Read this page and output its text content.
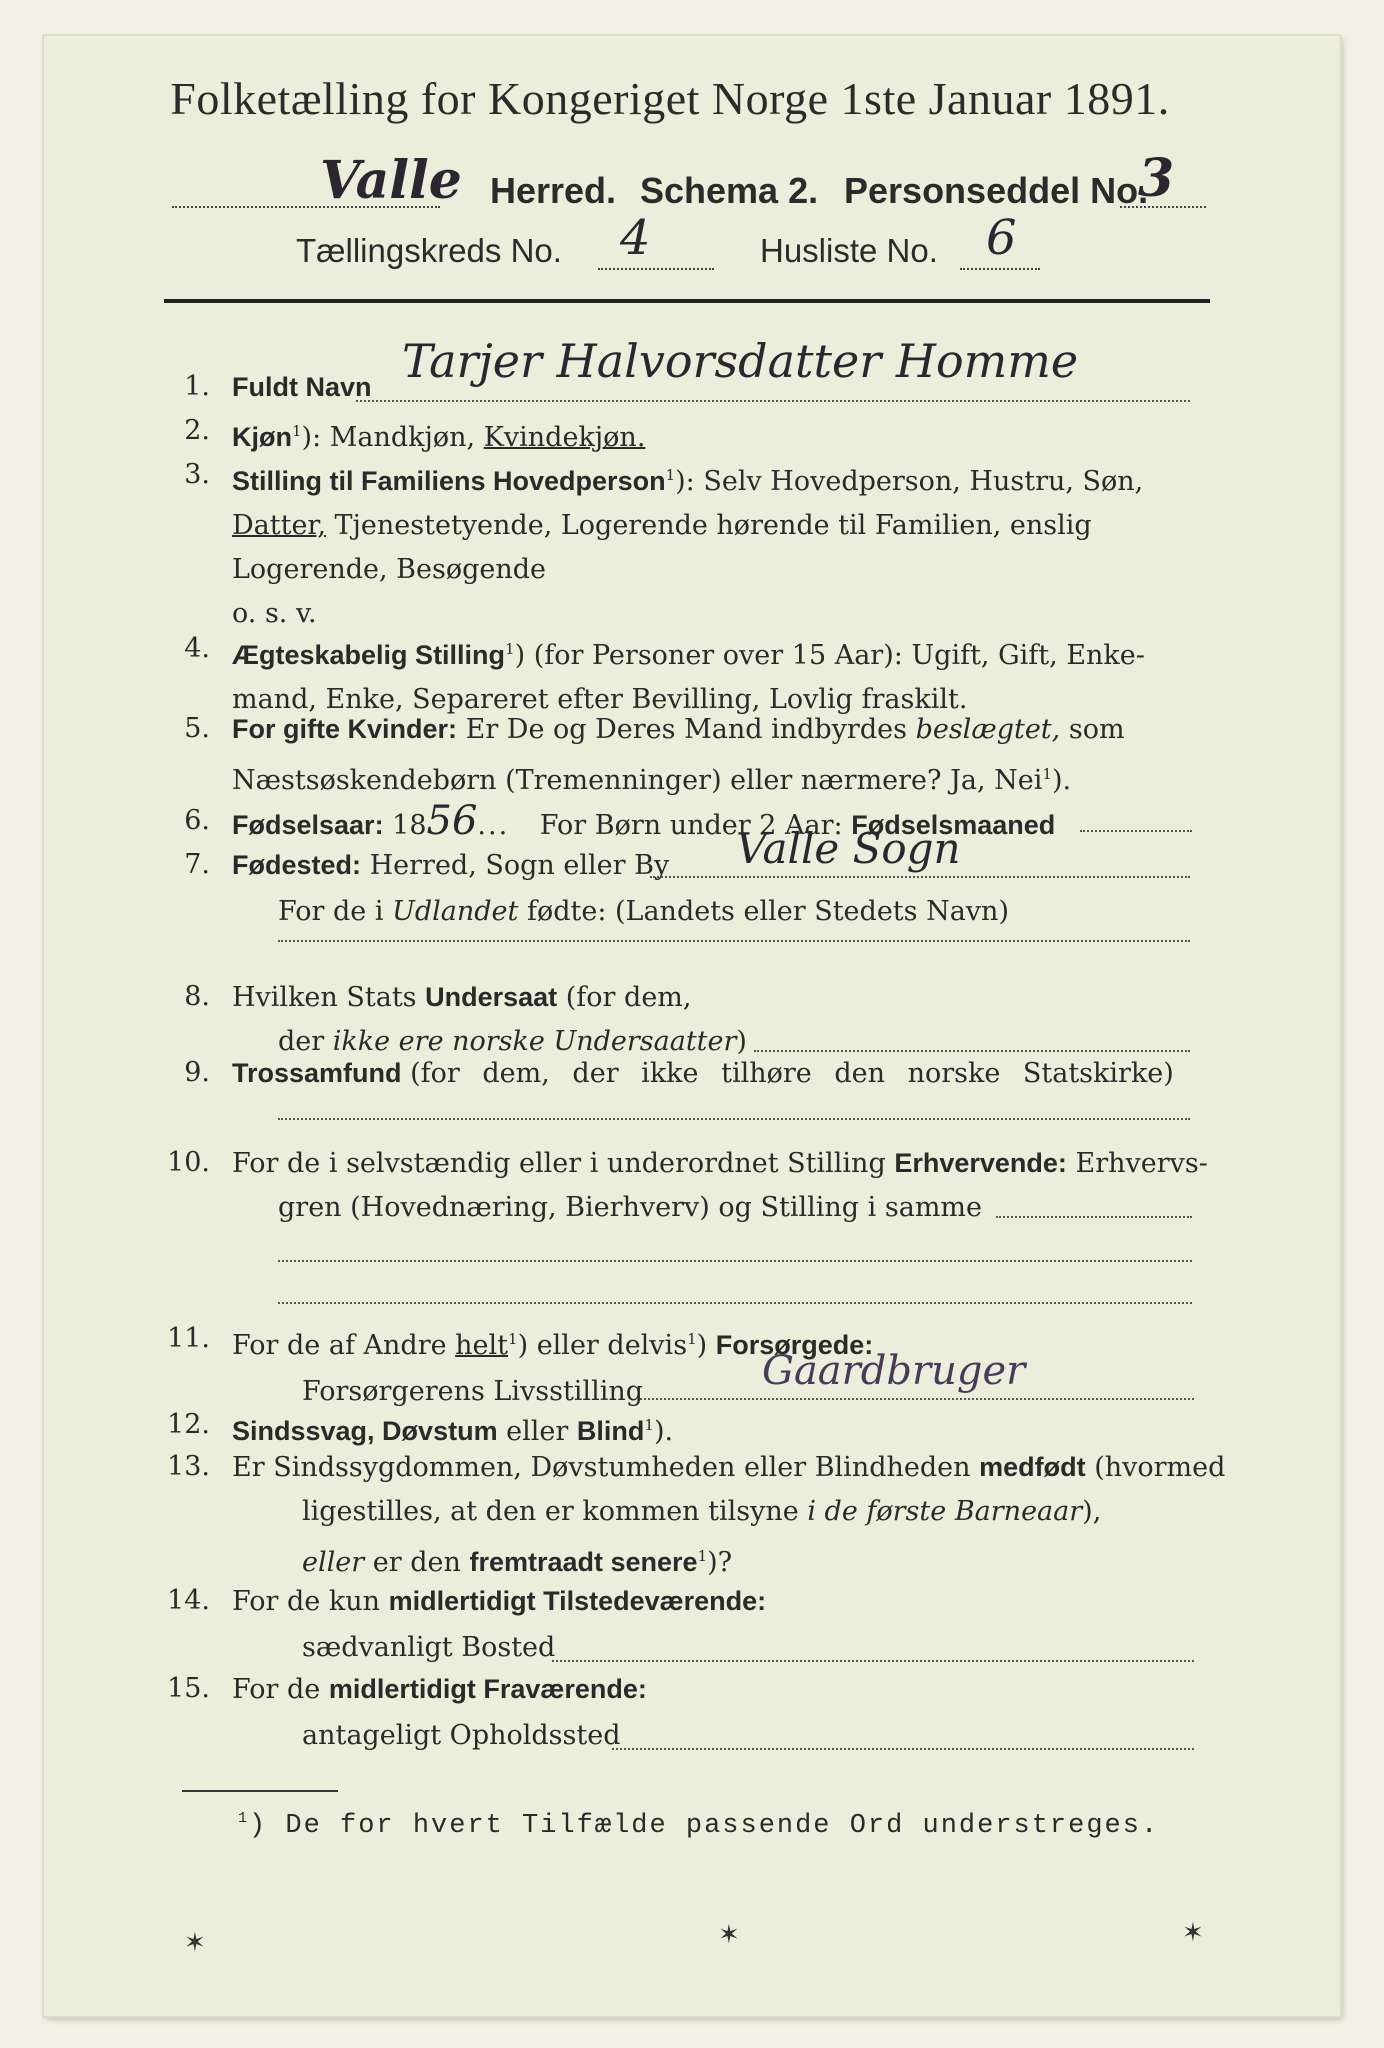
Folketælling for Kongeriget Norge 1ste Januar 1891.
Valle Herred. Schema 2. Personseddel No.
3
Tællingskreds No. 4	Husliste No. 6
1. Fuldt Navn Tarjer Halvorsdatter Homme
2. Kjøn$^1$): Mandkjøn, Kvindekjøn.
3. Stilling til Familiens Hovedperson$^1$): Selv Hovedperson, Hustru, Søn,
Datter, Tjenestetyende, Logerende hørende til Familien, enslig
Logerende, Besøgende
o. s. v.
4. Ægteskabelig Stilling$^1$) (for Personer over 15 Aar): Ugift, Gift, Enke-
mand, Enke, Separeret efter Bevilling, Lovlig fraskilt.
5. For gifte Kvinder: Er De og Deres Mand indbyrdes beslægtet, som
Næstsøskendebørn (Tremenninger) eller nærmere? Ja, Nei$^1$).
6. Fødselsaar: 1856... For Børn under 2 Aar: Fødselsmaaned
7. Fødested: Herred, Sogn eller By Valle Sogn
For de i Udlandet fødte: (Landets eller Stedets Navn)
8. Hvilken Stats Undersaat (for dem,
der ikke ere norske Undersaatter)
9. Trossamfund (for dem, der ikke tilhøre den norske Statskirke)
10. For de i selvstændig eller i underordnet Stilling Erhvervende: Erhvervs-
gren (Hovednæring, Bierhverv) og Stilling i samme
11. For de af Andre helt$^1$) eller delvis$^1$) Forsørgede:
Forsørgerens Livsstilling	Gaardbruger
12. Sindssvag, Døvstum eller Blind$^1$).
13. Er Sindssygdommen, Døvstumheden eller Blindheden medfødt (hvormed
ligestilles, at den er kommen tilsyne i de første Barneaar),
eller er den fremtraadt senere$^1$)?
14. For de kun midlertidigt Tilstedeværende:
sædvanligt Bosted
15. For de midlertidigt Fraværende:
antageligt Opholdssted
$^1$) De for hvert Tilfælde passende Ord understreges.
✶	✶	✶
